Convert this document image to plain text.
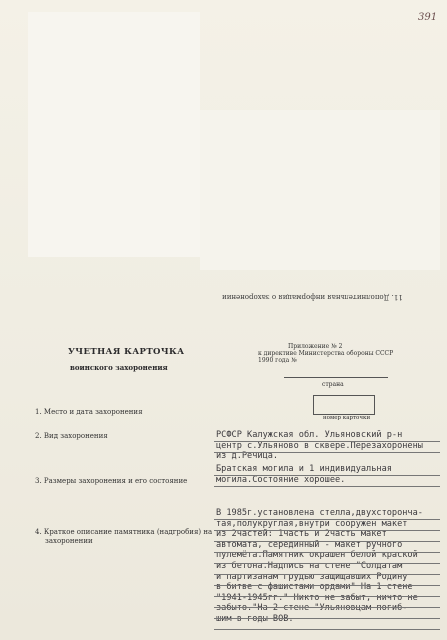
391
11. Дополнительная информация о захоронении
Приложение № 2
к директиве Министерства обороны СССР
1990 года №
УЧЕТНАЯ КАРТОЧКА
воинского захоронения
страна
номер карточки
1. Место и дата захоронения
РСФСР Калужская обл. Ульяновский р-н
центр с.Ульяново в сквере.Перезахоронены
из д.Речица.
2. Вид захоронения
Братская могила и 1 индивидуальная
могила.Состояние хорошее.
3. Размеры захоронения и его состояние
4. Краткое описание памятника (надгробия) на
захоронении
В 1985г.установлена стелла,двухсторонча-
тая,полукруглая,внутри сооружен макет
из 2частей: 1часть и 2часть макет
автомата, серединный - макет ручного
пулемёта.Памятник окрашен белой краской
из бетона.Надпись на стене "Солдатам
и партизанам грудью защищавших Родину
в битве с фашистами ордами" На 1 стене
"1941-1945гг." Никто не забыт, ничто не
забыто."На 2 стене "Ульяновцам погиб-
шим в годы ВОВ.
